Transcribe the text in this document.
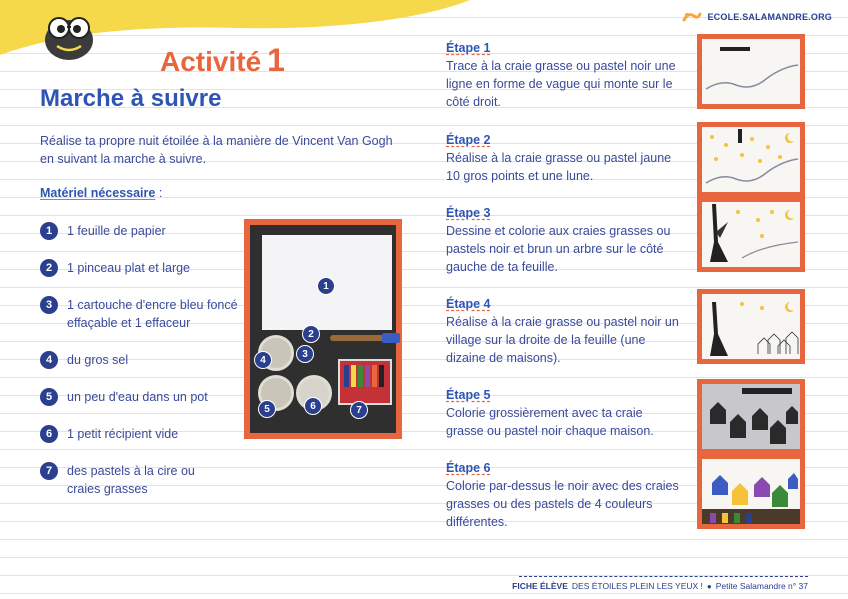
ECOLE.SALAMANDRE.ORG
Activité 1
Marche à suivre
Réalise ta propre nuit étoilée à la manière de Vincent Van Gogh en suivant la marche à suivre.
Matériel nécessaire :
1	1 feuille de papier
2	1 pinceau plat et large
3	1 cartouche d'encre bleu foncé effaçable et 1 effaceur
4	du gros sel
5	un peu d'eau dans un pot
6	1 petit récipient vide
7	des pastels à la cire ou craies grasses
1
2
3
4
5	6	7
Étape 1
Trace à la craie grasse ou pastel noir une ligne en forme de vague qui monte sur le côté droit.
Étape 2
Réalise à la craie grasse ou pastel jaune 10 gros points et une lune.
Étape 3
Dessine et colorie aux craies grasses ou pastels noir et brun un arbre sur le côté gauche de ta feuille.
Étape 4
Réalise à la craie grasse ou pastel noir un village sur la droite de la feuille (une dizaine de maisons).
Étape 5
Colorie grossièrement avec ta craie grasse ou pastel noir chaque maison.
Étape 6
Colorie par-dessus le noir avec des craies grasses ou des pastels de 4 couleurs différentes.
FICHE ÉLÈVE DES ÉTOILES PLEIN LES YEUX ! ● Petite Salamandre n° 37
